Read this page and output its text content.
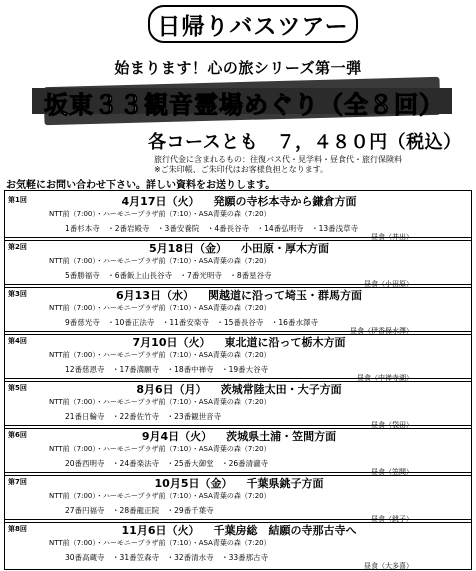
日帰りバスツアー
始まります！心の旅シリーズ第一弾
坂東３３観音霊場めぐり（全８回）
各コースとも　７，４８０円（税込）
旅行代金に含まれるもの：往復バス代・見学料・昼食代・旅行保険料
※ご朱印帳、ご朱印代はお客様負担となります。
お気軽にお問い合わせ下さい。詳しい資料をお送りします。
第1回	4月17日（火） 発願の寺杉本寺から鎌倉方面
NTT前（7:00）・ハーモニープラザ前（7:10）・ASA青葉の森（7:20）
1番杉本寺　・2番岩殿寺　・3番安養院　・4番長谷寺　・14番弘明寺　・13番浅草寺
昼食（井出）
第2回	5月18日（金） 小田原・厚木方面
NTT前（7:00）・ハーモニープラザ前（7:10）・ASA青葉の森（7:20）
5番勝福寺　・6番飯上山長谷寺　・7番光明寺　・8番星谷寺
昼食（小田原）
第3回	6月13日（水） 関越道に沿って埼玉・群馬方面
NTT前（7:00）・ハーモニープラザ前（7:10）・ASA青葉の森（7:20）
9番慈光寺　・10番正法寺　・11番安楽寺　・15番長谷寺　・16番水澤寺
昼食（伊香保水澤）
第4回	7月10日（火） 東北道に沿って栃木方面
NTT前（7:00）・ハーモニープラザ前（7:10）・ASA青葉の森（7:20）
12番慈恩寺　・17番満願寺　・18番中禅寺　・19番大谷寺
昼食（中禅寺湖）
第5回	8月6日（月） 茨城常陸太田・大子方面
NTT前（7:00）・ハーモニープラザ前（7:10）・ASA青葉の森（7:20）
21番日輪寺　・22番佐竹寺　・23番観世音寺
昼食（袋田）
第6回	9月4日（火） 茨城県土浦・笠間方面
NTT前（7:00）・ハーモニープラザ前（7:10）・ASA青葉の森（7:20）
20番西明寺　・24番楽法寺　・25番大御堂　・26番清瀧寺
昼食（笠間）
第7回	10月5日（金） 千葉県銚子方面
NTT前（7:00）・ハーモニープラザ前（7:10）・ASA青葉の森（7:20）
27番円福寺　・28番龍正院　・29番千葉寺
昼食（銚子）
第8回	11月6日（火） 千葉房総　結願の寺那古寺へ
NTT前（7:00）・ハーモニープラザ前（7:10）・ASA青葉の森（7:20）
30番高蔵寺　・31番笠森寺　・32番清水寺　・33番那古寺
昼食（大多喜）
